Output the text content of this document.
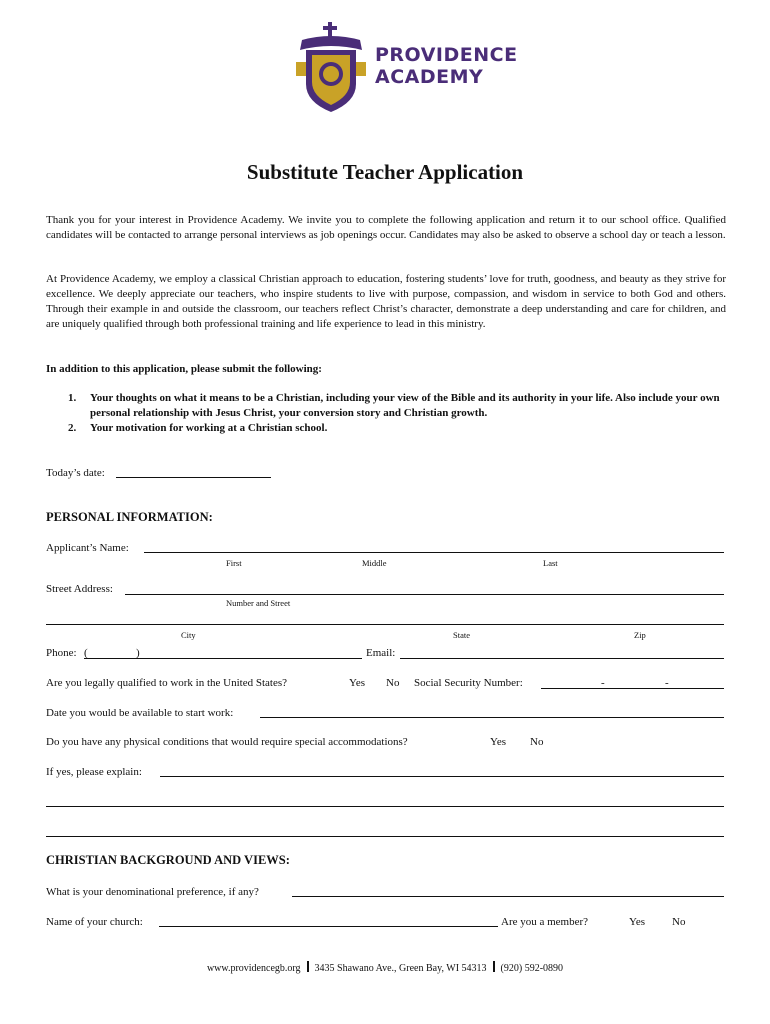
PROVIDENCE
ACADEMY
Substitute Teacher Application
Thank you for your interest in Providence Academy. We invite you to complete the following application and return it to our school office. Qualified candidates will be contacted to arrange personal interviews as job openings occur. Candidates may also be asked to observe a school day or teach a lesson.
At Providence Academy, we employ a classical Christian approach to education, fostering students’ love for truth, goodness, and beauty as they strive for excellence. We deeply appreciate our teachers, who inspire students to live with purpose, compassion, and wisdom in service to both God and others. Through their example in and outside the classroom, our teachers reflect Christ’s character, demonstrate a deep understanding and care for children, and are uniquely qualified through both professional training and life experience to lead in this ministry.
In addition to this application, please submit the following:
1. Your thoughts on what it means to be a Christian, including your view of the Bible and its authority in your life. Also include your own personal relationship with Jesus Christ, your conversion story and Christian growth.
2. Your motivation for working at a Christian school.
Today’s date:
PERSONAL INFORMATION:
Applicant’s Name:
First	Middle	Last
Street Address:
Number and Street
City	State	Zip
Phone: (	)	Email:
Are you legally qualified to work in the United States?	Yes No Social Security Number:	-	-
Date you would be available to start work:
Do you have any physical conditions that would require special accommodations?	Yes No
If yes, please explain:
CHRISTIAN BACKGROUND AND VIEWS:
What is your denominational preference, if any?
Name of your church:	Are you a member?	Yes No
www.providencegb.org 3435 Shawano Ave., Green Bay, WI 54313 (920) 592-0890
